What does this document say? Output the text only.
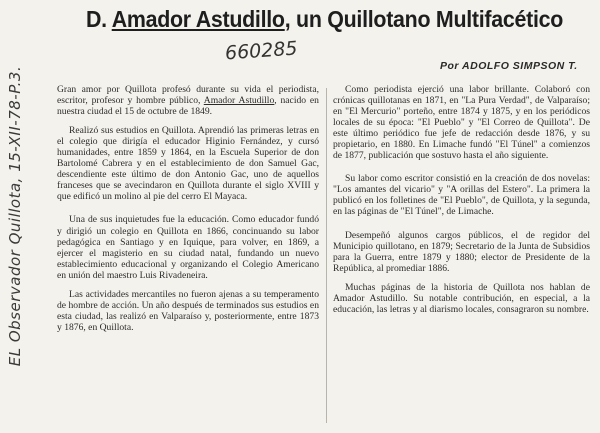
EL Observador Quillota, 15-XII-78-P.3.
D. Amador Astudillo, un Quillotano Multifacético
660285
Por ADOLFO SIMPSON T.

Gran amor por Quillota profesó durante su vida el periodista, escritor, profesor y hombre público, Amador Astudillo, nacido en nuestra ciudad el 15 de octubre de 1849.

Realizó sus estudios en Quillota. Aprendió las primeras letras en el colegio que dirigía el educador Higinio Fernández, y cursó humanidades, entre 1859 y 1864, en la Escuela Superior de don Bartolomé Cabrera y en el establecimiento de don Samuel Gac, descendiente este último de don Antonio Gac, uno de aquellos franceses que se avecindaron en Quillota durante el siglo XVIII y que edificó un molino al pie del cerro El Mayaca.

Una de sus inquietudes fue la educación. Como educador fundó y dirigió un colegio en Quillota en 1866, concinuando su labor pedagógica en Santiago y en Iquique, para volver, en 1869, a ejercer el magisterio en su ciudad natal, fundando un nuevo establecimiento educacional y organizando el Colegio Americano en unión del maestro Luis Rivadeneira.

Las actividades mercantiles no fueron ajenas a su temperamento de hombre de acción. Un año después de terminados sus estudios en esta ciudad, las realizó en Valparaíso y, posteriormente, entre 1873 y 1876, en Quillota.

Como periodista ejerció una labor brillante. Colaboró con crónicas quillotanas en 1871, en "La Pura Verdad", de Valparaíso; en "El Mercurio" porteño, entre 1874 y 1875, y en los periódicos locales de su época: "El Pueblo" y "El Correo de Quillota". De este último periódico fue jefe de redacción desde 1876, y su propietario, en 1880. En Limache fundó "El Túnel" a comienzos de 1877, publicación que sostuvo hasta el año siguiente.

Su labor como escritor consistió en la creación de dos novelas: "Los amantes del vicario" y "A orillas del Estero". La primera la publicó en los folletines de "El Pueblo", de Quillota, y la segunda, en las páginas de "El Túnel", de Limache.

Desempeñó algunos cargos públicos, el de regidor del Municipio quillotano, en 1879; Secretario de la Junta de Subsidios para la Guerra, entre 1879 y 1880; elector de Presidente de la República, al promediar 1886.

Muchas páginas de la historia de Quillota nos hablan de Amador Astudillo. Su notable contribución, en especial, a la educación, las letras y al diarismo locales, consagraron su nombre.
